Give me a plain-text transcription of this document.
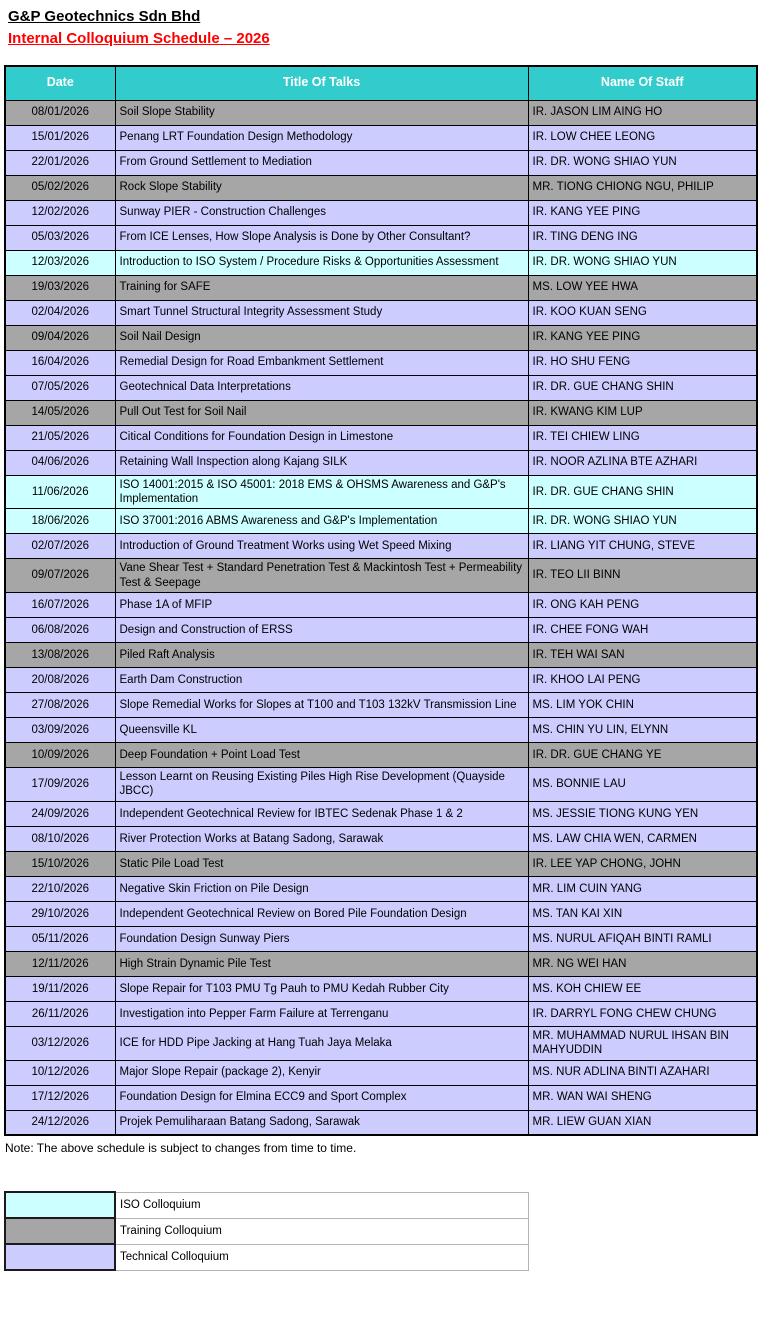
G&P Geotechnics Sdn Bhd
Internal Colloquium Schedule – 2026
Date	Title Of Talks	Name Of Staff
08/01/2026	Soil Slope Stability	IR. JASON LIM AING HO
15/01/2026	Penang LRT Foundation Design Methodology	IR. LOW CHEE LEONG
22/01/2026	From Ground Settlement to Mediation	IR. DR. WONG SHIAO YUN
05/02/2026	Rock Slope Stability	MR. TIONG CHIONG NGU, PHILIP
12/02/2026	Sunway PIER - Construction Challenges	IR. KANG YEE PING
05/03/2026	From ICE Lenses, How Slope Analysis is Done by Other Consultant?	IR. TING DENG ING
12/03/2026	Introduction to ISO System / Procedure Risks & Opportunities Assessment	IR. DR. WONG SHIAO YUN
19/03/2026	Training for SAFE	MS. LOW YEE HWA
02/04/2026	Smart Tunnel Structural Integrity Assessment Study	IR. KOO KUAN SENG
09/04/2026	Soil Nail Design	IR. KANG YEE PING
16/04/2026	Remedial Design for Road Embankment Settlement	IR. HO SHU FENG
07/05/2026	Geotechnical Data Interpretations	IR. DR. GUE CHANG SHIN
14/05/2026	Pull Out Test for Soil Nail	IR. KWANG KIM LUP
21/05/2026	Citical Conditions for Foundation Design in Limestone	IR. TEI CHIEW LING
04/06/2026	Retaining Wall Inspection along Kajang SILK	IR. NOOR AZLINA BTE AZHARI
11/06/2026	ISO 14001:2015 & ISO 45001: 2018 EMS & OHSMS Awareness and G&P's Implementation	IR. DR. GUE CHANG SHIN
18/06/2026	ISO 37001:2016 ABMS Awareness and G&P's Implementation	IR. DR. WONG SHIAO YUN
02/07/2026	Introduction of Ground Treatment Works using Wet Speed Mixing	IR. LIANG YIT CHUNG, STEVE
09/07/2026	Vane Shear Test + Standard Penetration Test & Mackintosh Test + Permeability Test & Seepage	IR. TEO LII BINN
16/07/2026	Phase 1A of MFIP	IR. ONG KAH PENG
06/08/2026	Design and Construction of ERSS	IR. CHEE FONG WAH
13/08/2026	Piled Raft Analysis	IR. TEH WAI SAN
20/08/2026	Earth Dam Construction	IR. KHOO LAI PENG
27/08/2026	Slope Remedial Works for Slopes at T100 and T103 132kV Transmission Line	MS. LIM YOK CHIN
03/09/2026	Queensville KL	MS. CHIN YU LIN, ELYNN
10/09/2026	Deep Foundation + Point Load Test	IR. DR. GUE CHANG YE
17/09/2026	Lesson Learnt on Reusing Existing Piles High Rise Development (Quayside JBCC)	MS. BONNIE LAU
24/09/2026	Independent Geotechnical Review for IBTEC Sedenak Phase 1 & 2	MS. JESSIE TIONG KUNG YEN
08/10/2026	River Protection Works at Batang Sadong, Sarawak	MS. LAW CHIA WEN, CARMEN
15/10/2026	Static Pile Load Test	IR. LEE YAP CHONG, JOHN
22/10/2026	Negative Skin Friction on Pile Design	MR. LIM CUIN YANG
29/10/2026	Independent Geotechnical Review on Bored Pile Foundation Design	MS. TAN KAI XIN
05/11/2026	Foundation Design Sunway Piers	MS. NURUL AFIQAH BINTI RAMLI
12/11/2026	High Strain Dynamic Pile Test	MR. NG WEI HAN
19/11/2026	Slope Repair for T103 PMU Tg Pauh to PMU Kedah Rubber City	MS. KOH CHIEW EE
26/11/2026	Investigation into Pepper Farm Failure at Terrenganu	IR. DARRYL FONG CHEW CHUNG
03/12/2026	ICE for HDD Pipe Jacking at Hang Tuah Jaya Melaka	MR. MUHAMMAD NURUL IHSAN BIN MAHYUDDIN
10/12/2026	Major Slope Repair (package 2), Kenyir	MS. NUR ADLINA BINTI AZAHARI
17/12/2026	Foundation Design for Elmina ECC9 and Sport Complex	MR. WAN WAI SHENG
24/12/2026	Projek Pemuliharaan Batang Sadong, Sarawak	MR. LIEW GUAN XIAN
Note: The above schedule is subject to changes from time to time.
	ISO Colloquium
	Training Colloquium
	Technical Colloquium
